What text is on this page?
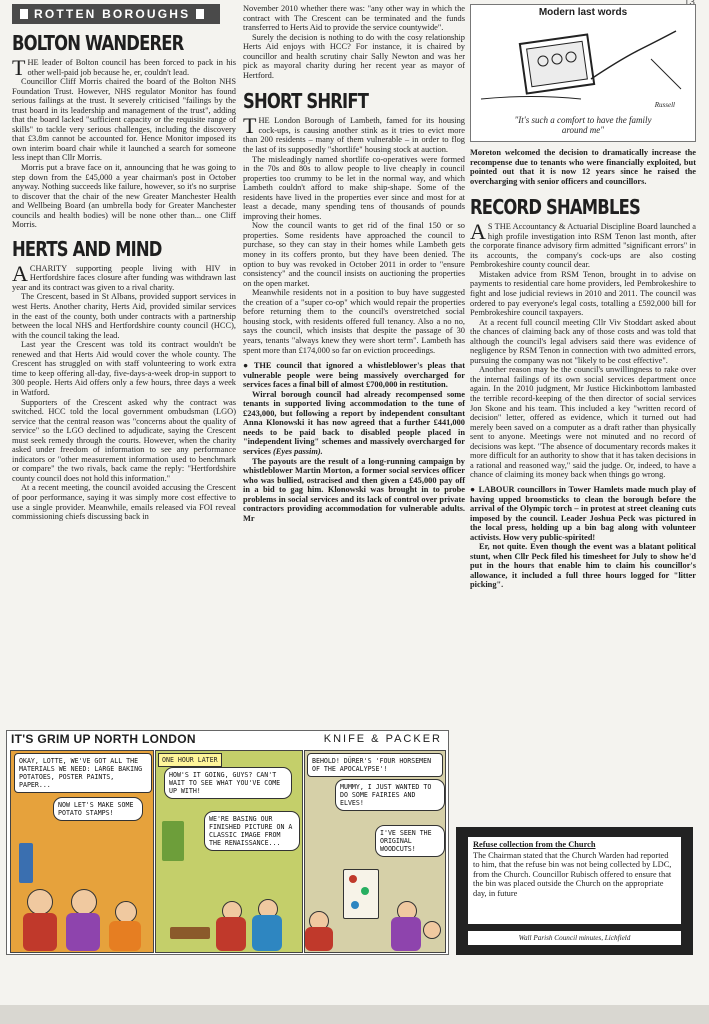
ROTTEN BOROUGHS
BOLTON WANDERER

THE leader of Bolton council has been forced to pack in his other well-paid job because he, er, couldn't lead.

Councillor Cliff Morris chaired the board of the Bolton NHS Foundation Trust. However, NHS regulator Monitor has found serious failings at the trust. It severely criticised "failings by the trust board in its leadership and management of the trust", adding that the board lacked "sufficient capacity or the requisite range of skills" to tackle very serious challenges, including the discovery that £3.8m cannot be accounted for. Hence Monitor imposed its own interim board chair while it launched a search for someone less inept than Cllr Morris.

Morris put a brave face on it, announcing that he was going to step down from the £45,000 a year chairman's post in October anyway. Nothing succeeds like failure, however, so it's no surprise to discover that the chair of the new Greater Manchester Health and Wellbeing Board (an umbrella body for Greater Manchester councils and health bodies) will be none other than... one Cliff Morris.

HERTS AND MIND

ACHARITY supporting people living with HIV in Hertfordshire faces closure after funding was withdrawn last year and its contract was given to a rival charity.

The Crescent, based in St Albans, provided support services in west Herts. Another charity, Herts Aid, provided similar services in the east of the county, both under contracts with a partnership between the local NHS and Hertfordshire county council (HCC), with the council taking the lead.

Last year the Crescent was told its contract wouldn't be renewed and that Herts Aid would cover the whole county. The Crescent has struggled on with staff volunteering to work extra time to keep offering all-day, five-days-a-week drop-in support to 300 people. Herts Aid offers only a few hours, three days a week in Watford.

Supporters of the Crescent asked why the contract was switched. HCC told the local government ombudsman (LGO) service that the central reason was "concerns about the quality of service" so the LGO declined to adjudicate, saying the Crescent must seek remedy through the courts. However, when the charity asked under freedom of information to see any performance indicators or "other measurement information used to benchmark or compare" the two rivals, back came the reply: "Hertfordshire county council does not hold this information."

At a recent meeting, the council avoided accusing the Crescent of poor performance, saying it was simply more cost effective to use a single provider. Meanwhile, emails released via FOI reveal commissioning chiefs discussing back in

November 2010 whether there was: "any other way in which the contract with The Crescent can be terminated and the funds transferred to Herts Aid to provide the service countywide".

Surely the decision is nothing to do with the cosy relationship Herts Aid enjoys with HCC? For instance, it is chaired by councillor and health scrutiny chair Sally Newton and was her pick as mayoral charity during her recent year as mayor of Hertford.

SHORT SHRIFT

THE London Borough of Lambeth, famed for its housing cock-ups, is causing another stink as it tries to evict more than 200 residents – many of them vulnerable – in order to flog the last of its supposedly "shortlife" housing stock at auction.

The misleadingly named shortlife co-operatives were formed in the 70s and 80s to allow people to live cheaply in council properties too crummy to be let in the normal way, and which Lambeth couldn't afford to make ship-shape. Some of the residents have lived in the properties ever since and most for at least a decade, many spending tens of thousands of pounds improving their homes.

Now the council wants to get rid of the final 150 or so properties. Some residents have approached the council to purchase, so they can stay in their homes while Lambeth gets money in its coffers pronto, but they have been denied. The option to buy was revoked in October 2011 in order to "ensure consistency" and the council insists on auctioning the properties on the open market.

Meanwhile residents not in a position to buy have suggested the creation of a "super co-op" which would repair the properties before returning them to the council's overstretched social housing stock, with residents offered full tenancy. Also a no no, says the council, which insists that despite the passage of 30 years, tenants "always knew they were short term". Lambeth has spent more than £174,000 so far on eviction proceedings.

● THE council that ignored a whistleblower's pleas that vulnerable people were being massively overcharged for services faces a final bill of almost £700,000 in restitution.

Wirral borough council had already recompensed some tenants in supported living accommodation to the tune of £243,000, but following a report by independent consultant Anna Klonowski it has now agreed that a further £441,000 needs to be paid back to disabled people placed in "independent living" schemes and massively overcharged for services (Eyes passim).

The payouts are the result of a long-running campaign by whistleblower Martin Morton, a former social services officer who was bullied, ostracised and then given a £45,000 pay off in a bid to gag him. Klonowski was brought in to probe problems in social services and its lack of control over private contractors providing accommodation for vulnerable adults. Mr

Modern last words
Russell
"It's such a comfort to have the family around me"

Moreton welcomed the decision to dramatically increase the recompense due to tenants who were financially exploited, but pointed out that it is now 12 years since he raised the overcharging with senior officers and councillors.

RECORD SHAMBLES

A S THE Accountancy & Actuarial Discipline Board launched a high profile investigation into RSM Tenon last month, after the corporate finance advisory firm admitted "significant errors" in its accounts, the company's cock-ups are also costing Pembrokeshire county council dear.

Mistaken advice from RSM Tenon, brought in to advise on payments to residential care home providers, led Pembrokeshire to fight and lose judicial reviews in 2010 and 2011. The council was ordered to pay everyone's legal costs, totalling a £592,000 bill for Pembrokeshire council taxpayers.

At a recent full council meeting Cllr Viv Stoddart asked about the chances of claiming back any of those costs and was told that although the council's legal advisers said there was evidence of negligence by RSM Tenon in connection with two admitted errors, pursuing the company was not "likely to be cost effective".

Another reason may be the council's unwillingness to rake over the internal failings of its own social services department once again. In the 2010 judgment, Mr Justice Hickinbottom lambasted the terrible record-keeping of the then director of social services Jon Skone and his team. This included a key "written record of decision" letter, offered as evidence, which it turned out had merely been saved on a computer as a draft rather than physically sent to anyone. Meetings were not minuted and no record of decisions was kept. "The absence of documentary records makes it more difficult for an authority to show that it has taken decisions in a rational and reasoned way," said the judge. Or, indeed, to have a chance of claiming its money back when things go wrong.

● LABOUR councillors in Tower Hamlets made much play of having upped broomsticks to clean the borough before the arrival of the Olympic torch – in protest at street cleaning cuts imposed by the council. Leader Joshua Peck was pictured in the local press, holding up a bin bag along with volunteer activists. How very public-spirited!

Er, not quite. Even though the event was a blatant political stunt, when Cllr Peck filed his timesheet for July to show he'd put in the hours that enable him to claim his councillor's allowance, it included a full three hours logged for "litter picking".

IT'S GRIM UP NORTH LONDON	KNIFE & PACKER
OKAY, LOTTE, WE'VE GOT ALL THE MATERIALS WE NEED: LARGE BAKING POTATOES, POSTER PAINTS, PAPER...
NOW LET'S MAKE SOME POTATO STAMPS!
ONE HOUR LATER
HOW'S IT GOING, GUYS? CAN'T WAIT TO SEE WHAT YOU'VE COME UP WITH!
WE'RE BASING OUR FINISHED PICTURE ON A CLASSIC IMAGE FROM THE RENAISSANCE...
BEHOLD! DÜRER'S 'FOUR HORSEMEN OF THE APOCALYPSE'!
MUMMY, I JUST WANTED TO DO SOME FAIRIES AND ELVES!
I'VE SEEN THE ORIGINAL WOODCUTS!	Refuse collection from the Church
The Chairman stated that the Church Warden had reported to him, that the refuse bin was not being collected by LDC, from the Church. Councillor Rubisch offered to ensure that the bin was placed outside the Church on the appropriate day, in future
Wall Parish Council minutes, Lichfield
